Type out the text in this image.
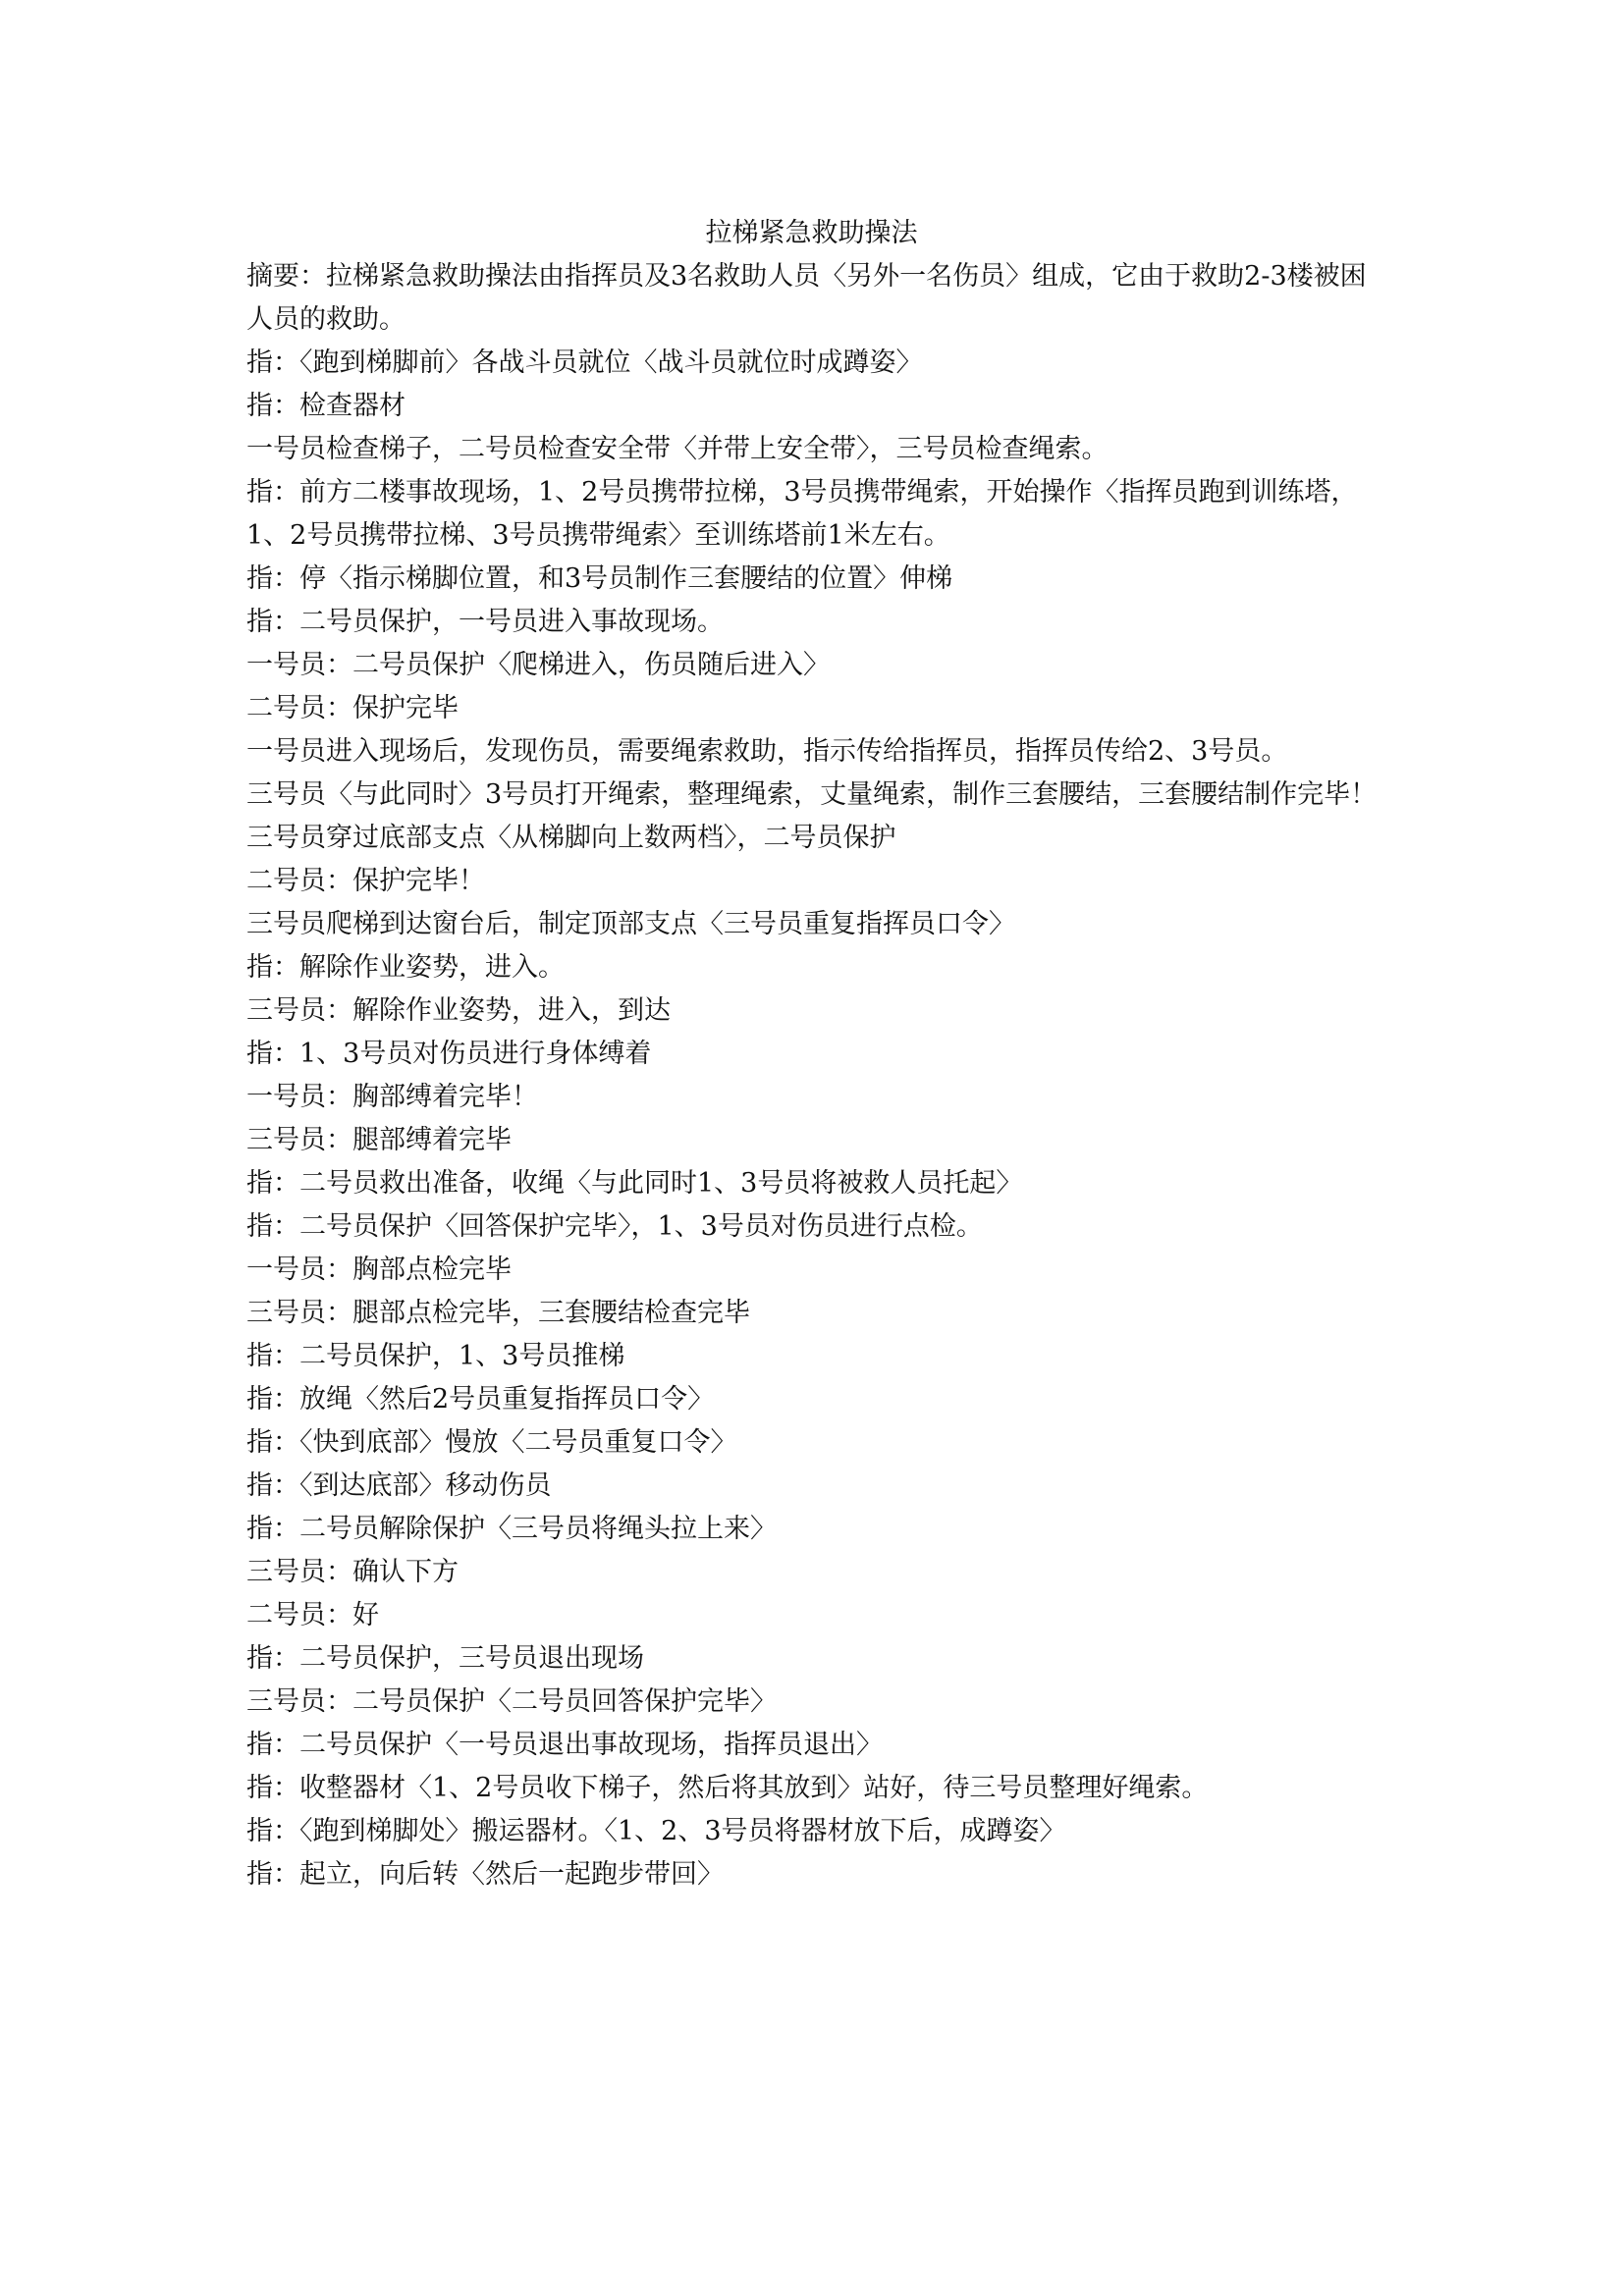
拉梯紧急救助操法

摘要：拉梯紧急救助操法由指挥员及3名救助人员〈另外一名伤员〉组成，它由于救助2-3楼被困人员的救助。

指：〈跑到梯脚前〉各战斗员就位〈战斗员就位时成蹲姿〉

指：检查器材

一号员检查梯子，二号员检查安全带〈并带上安全带〉，三号员检查绳索。

指：前方二楼事故现场，1、2号员携带拉梯，3号员携带绳索，开始操作〈指挥员跑到训练塔，1、2号员携带拉梯、3号员携带绳索〉至训练塔前1米左右。

指：停〈指示梯脚位置，和3号员制作三套腰结的位置〉伸梯

指：二号员保护，一号员进入事故现场。

一号员：二号员保护〈爬梯进入，伤员随后进入〉

二号员：保护完毕

一号员进入现场后，发现伤员，需要绳索救助，指示传给指挥员，指挥员传给2、3号员。

三号员〈与此同时〉3号员打开绳索，整理绳索，丈量绳索，制作三套腰结，三套腰结制作完毕！

三号员穿过底部支点〈从梯脚向上数两档〉，二号员保护

二号员：保护完毕！

三号员爬梯到达窗台后，制定顶部支点〈三号员重复指挥员口令〉

指：解除作业姿势，进入。

三号员：解除作业姿势，进入，到达

指：1、3号员对伤员进行身体缚着

一号员：胸部缚着完毕！

三号员：腿部缚着完毕

指：二号员救出准备，收绳〈与此同时1、3号员将被救人员托起〉

指：二号员保护〈回答保护完毕〉，1、3号员对伤员进行点检。

一号员：胸部点检完毕

三号员：腿部点检完毕，三套腰结检查完毕

指：二号员保护，1、3号员推梯

指：放绳〈然后2号员重复指挥员口令〉

指：〈快到底部〉慢放〈二号员重复口令〉

指：〈到达底部〉移动伤员

指：二号员解除保护〈三号员将绳头拉上来〉

三号员：确认下方

二号员：好

指：二号员保护，三号员退出现场

三号员：二号员保护〈二号员回答保护完毕〉

指：二号员保护〈一号员退出事故现场，指挥员退出〉

指：收整器材〈1、2号员收下梯子，然后将其放到〉站好，待三号员整理好绳索。

指：〈跑到梯脚处〉搬运器材。〈1、2、3号员将器材放下后，成蹲姿〉

指：起立，向后转〈然后一起跑步带回〉
